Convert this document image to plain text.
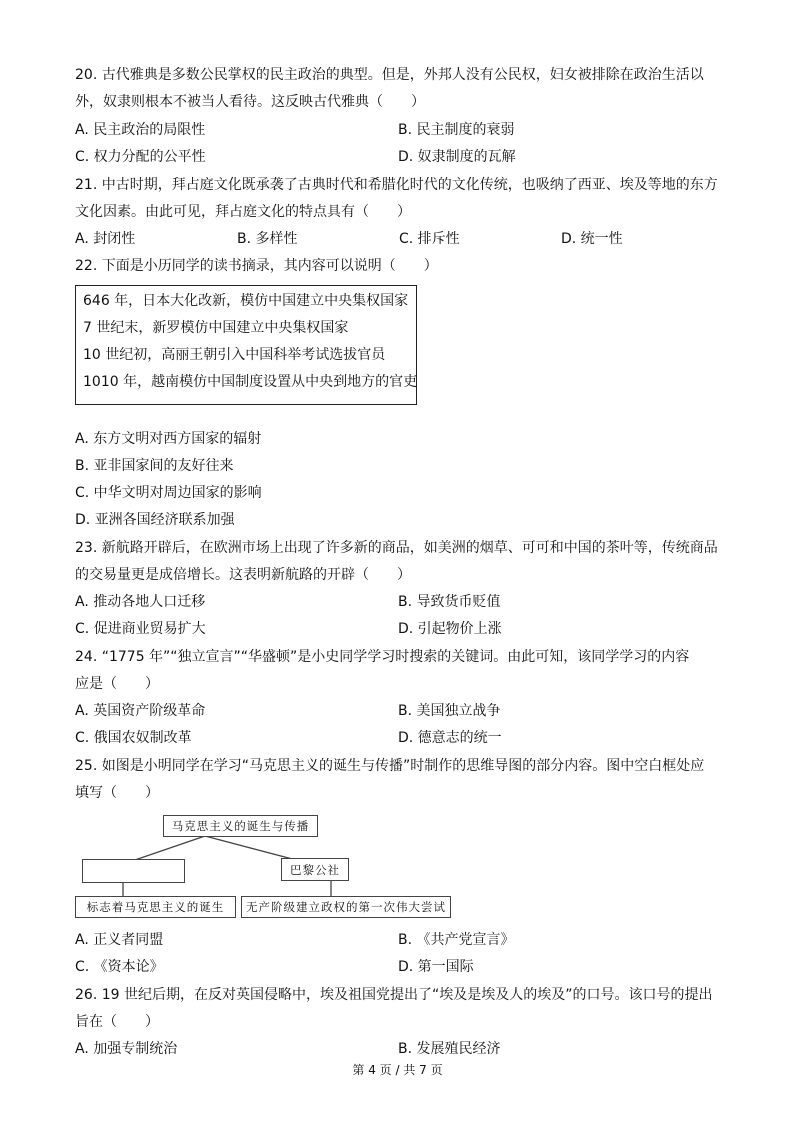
20. 古代雅典是多数公民掌权的民主政治的典型。但是，外邦人没有公民权，妇女被排除在政治生活以
外，奴隶则根本不被当人看待。这反映古代雅典（　　）
A. 民主政治的局限性	B. 民主制度的衰弱
C. 权力分配的公平性	D. 奴隶制度的瓦解
21. 中古时期，拜占庭文化既承袭了古典时代和希腊化时代的文化传统，也吸纳了西亚、埃及等地的东方
文化因素。由此可见，拜占庭文化的特点具有（　　）
A. 封闭性	B. 多样性	C. 排斥性	D. 统一性
22. 下面是小历同学的读书摘录，其内容可以说明（　　）
646 年，日本大化改新，模仿中国建立中央集权国家
7 世纪末，新罗模仿中国建立中央集权国家
10 世纪初，高丽王朝引入中国科举考试选拔官员
1010 年，越南模仿中国制度设置从中央到地方的官吏
A. 东方文明对西方国家的辐射
B. 亚非国家间的友好往来
C. 中华文明对周边国家的影响
D. 亚洲各国经济联系加强
23. 新航路开辟后，在欧洲市场上出现了许多新的商品，如美洲的烟草、可可和中国的茶叶等，传统商品
的交易量更是成倍增长。这表明新航路的开辟（　　）
A. 推动各地人口迁移	B. 导致货币贬值
C. 促进商业贸易扩大	D. 引起物价上涨
24. “1775 年”“独立宣言”“华盛顿”是小史同学学习时搜索的关键词。由此可知，该同学学习的内容
应是（　　）
A. 英国资产阶级革命	B. 美国独立战争
C. 俄国农奴制改革	D. 德意志的统一
25. 如图是小明同学在学习“马克思主义的诞生与传播”时制作的思维导图的部分内容。图中空白框处应
填写（　　）
马克思主义的诞生与传播
巴黎公社
标志着马克思主义的诞生	无产阶级建立政权的第一次伟大尝试
A. 正义者同盟	B. 《共产党宣言》
C. 《资本论》	D. 第一国际
26. 19 世纪后期，在反对英国侵略中，埃及祖国党提出了“埃及是埃及人的埃及”的口号。该口号的提出
旨在（　　）
A. 加强专制统治	B. 发展殖民经济
第 4 页 / 共 7 页
